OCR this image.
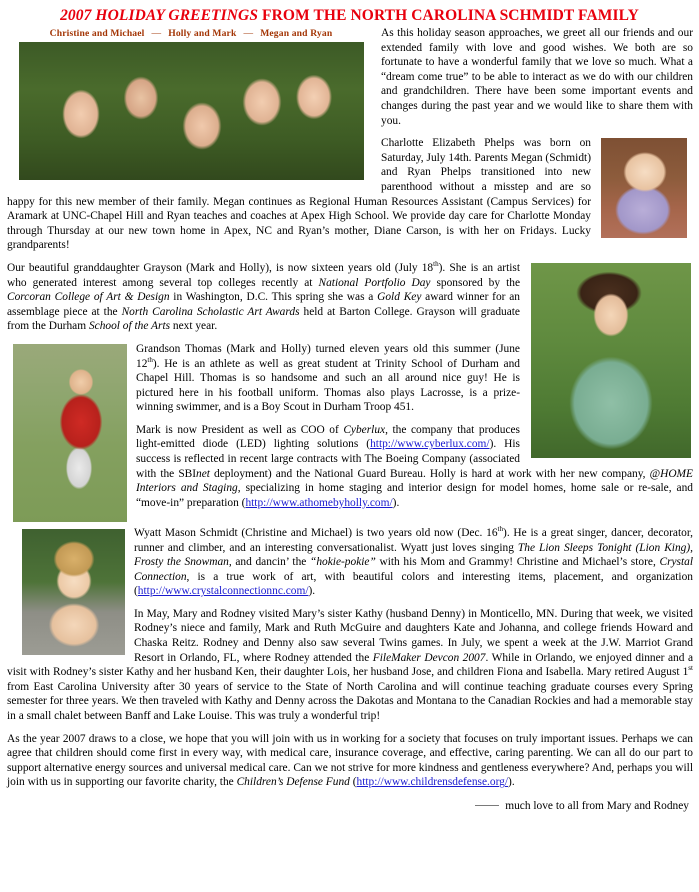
2007 HOLIDAY GREETINGS FROM THE NORTH CAROLINA SCHMIDT FAMILY
Christine and Michael — Holly and Mark — Megan and Ryan	As this holiday season approaches, we greet all our friends and our extended family with love and good wishes. We both are so fortunate to have a wonderful family that we love so much. What a “dream come true” to be able to interact as we do with our children and grandchildren. There have been some important events and changes during the past year and we would like to share them with you.

Charlotte Elizabeth Phelps was born on Saturday, July 14th. Parents Megan (Schmidt) and Ryan Phelps transitioned into new parenthood without a misstep and are so happy for this new member of their family. Megan continues as Regional Human Resources Assistant (Campus Services) for Aramark at UNC-Chapel Hill and Ryan teaches and coaches at Apex High School. We provide day care for Charlotte Monday through Thursday at our new town home in Apex, NC and Ryan’s mother, Diane Carson, is with her on Fridays. Lucky grandparents!

Our beautiful granddaughter Grayson (Mark and Holly), is now sixteen years old (July 18th). She is an artist who generated interest among several top colleges recently at National Portfolio Day sponsored by the Corcoran College of Art & Design in Washington, D.C. This spring she was a Gold Key award winner for an assemblage piece at the North Carolina Scholastic Art Awards held at Barton College. Grayson will graduate from the Durham School of the Arts next year.

Grandson Thomas (Mark and Holly) turned eleven years old this summer (June 12th). He is an athlete as well as great student at Trinity School of Durham and Chapel Hill. Thomas is so handsome and such an all around nice guy! He is pictured here in his football uniform. Thomas also plays Lacrosse, is a prize-winning swimmer, and is a Boy Scout in Durham Troop 451.

Mark is now President as well as COO of Cyberlux, the company that produces light-emitted diode (LED) lighting solutions (http://www.cyberlux.com/). His success is reflected in recent large contracts with The Boeing Company (associated with the SBInet deployment) and the National Guard Bureau. Holly is hard at work with her new company, @HOME Interiors and Staging, specializing in home staging and interior design for model homes, home sale or re-sale, and “move-in” preparation (http://www.athomebyholly.com/).

Wyatt Mason Schmidt (Christine and Michael) is two years old now (Dec. 16th). He is a great singer, dancer, decorator, runner and climber, and an interesting conversationalist. Wyatt just loves singing The Lion Sleeps Tonight (Lion King), Frosty the Snowman, and dancin’ the “hokie-pokie” with his Mom and Grammy! Christine and Michael’s store, Crystal Connection, is a true work of art, with beautiful colors and interesting items, placement, and organization (http://www.crystalconnectionnc.com/).

In May, Mary and Rodney visited Mary’s sister Kathy (husband Denny) in Monticello, MN. During that week, we visited Rodney’s niece and family, Mark and Ruth McGuire and daughters Kate and Johanna, and college friends Howard and Chaska Reitz. Rodney and Denny also saw several Twins games. In July, we spent a week at the J.W. Marriot Grand Resort in Orlando, FL, where Rodney attended the FileMaker Devcon 2007. While in Orlando, we enjoyed dinner and a visit with Rodney’s sister Kathy and her husband Ken, their daughter Lois, her husband Jose, and children Fiona and Isabella. Mary retired August 1st from East Carolina University after 30 years of service to the State of North Carolina and will continue teaching graduate courses every Spring semester for three years. We then traveled with Kathy and Denny across the Dakotas and Montana to the Canadian Rockies and had a memorable stay in a small chalet between Banff and Lake Louise. This was truly a wonderful trip!

As the year 2007 draws to a close, we hope that you will join with us in working for a society that focuses on truly important issues. Perhaps we can agree that children should come first in every way, with medical care, insurance coverage, and effective, caring parenting. We can all do our part to support alternative energy sources and universal medical care. Can we not strive for more kindness and gentleness everywhere? And, perhaps you will join with us in supporting our favorite charity, the Children’s Defense Fund (http://www.childrensdefense.org/).

much love to all from Mary and Rodney
